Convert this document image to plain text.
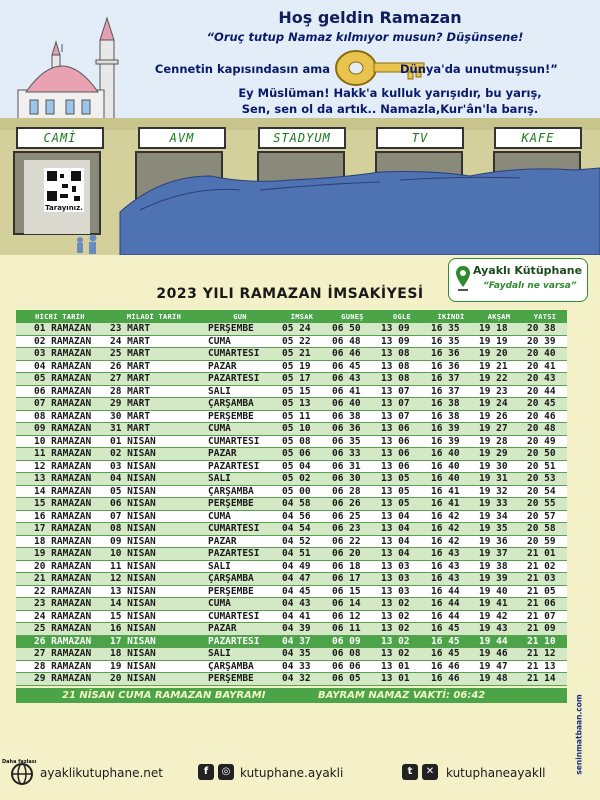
Hoş geldin Ramazan
“Oruç tutup Namaz kılmıyor musun? Düşünsene!
Cennetin kapısındasın ama	Dünya'da unutmuşsun!”
Ey Müslüman! Hakk'a kulluk yarışıdır, bu yarış,
Sen, sen ol da artık.. Namazla,Kur'ân'la barış.
CAMİ	AVM	STADYUM	TV	KAFE
Tarayınız.
Ayaklı Kütüphane
“Faydalı ne varsa”
2023 YILI RAMAZAN İMSAKİYESİ
HİCRİ TARİH	MİLADİ TARİH	GÜN	İMSAK	GÜNEŞ	ÖĞLE	İKİNDİ	AKŞAM	YATSI
01 RAMAZAN	23 MART	PERŞEMBE	05 24	06 50	13 09	16 35	19 18	20 38
02 RAMAZAN	24 MART	CUMA	05 22	06 48	13 09	16 35	19 19	20 39
03 RAMAZAN	25 MART	CUMARTESİ	05 21	06 46	13 08	16 36	19 20	20 40
04 RAMAZAN	26 MART	PAZAR	05 19	06 45	13 08	16 36	19 21	20 41
05 RAMAZAN	27 MART	PAZARTESİ	05 17	06 43	13 08	16 37	19 22	20 43
06 RAMAZAN	28 MART	SALI	05 15	06 41	13 07	16 37	19 23	20 44
07 RAMAZAN	29 MART	ÇARŞAMBA	05 13	06 40	13 07	16 38	19 24	20 45
08 RAMAZAN	30 MART	PERŞEMBE	05 11	06 38	13 07	16 38	19 26	20 46
09 RAMAZAN	31 MART	CUMA	05 10	06 36	13 06	16 39	19 27	20 48
10 RAMAZAN	01 NİSAN	CUMARTESİ	05 08	06 35	13 06	16 39	19 28	20 49
11 RAMAZAN	02 NİSAN	PAZAR	05 06	06 33	13 06	16 40	19 29	20 50
12 RAMAZAN	03 NİSAN	PAZARTESİ	05 04	06 31	13 06	16 40	19 30	20 51
13 RAMAZAN	04 NİSAN	SALI	05 02	06 30	13 05	16 40	19 31	20 53
14 RAMAZAN	05 NİSAN	ÇARŞAMBA	05 00	06 28	13 05	16 41	19 32	20 54
15 RAMAZAN	06 NİSAN	PERŞEMBE	04 58	06 26	13 05	16 41	19 33	20 55
16 RAMAZAN	07 NİSAN	CUMA	04 56	06 25	13 04	16 42	19 34	20 57
17 RAMAZAN	08 NİSAN	CUMARTESİ	04 54	06 23	13 04	16 42	19 35	20 58
18 RAMAZAN	09 NİSAN	PAZAR	04 52	06 22	13 04	16 42	19 36	20 59
19 RAMAZAN	10 NİSAN	PAZARTESİ	04 51	06 20	13 04	16 43	19 37	21 01
20 RAMAZAN	11 NİSAN	SALI	04 49	06 18	13 03	16 43	19 38	21 02
21 RAMAZAN	12 NİSAN	ÇARŞAMBA	04 47	06 17	13 03	16 43	19 39	21 03
22 RAMAZAN	13 NİSAN	PERŞEMBE	04 45	06 15	13 03	16 44	19 40	21 05
23 RAMAZAN	14 NİSAN	CUMA	04 43	06 14	13 02	16 44	19 41	21 06
24 RAMAZAN	15 NİSAN	CUMARTESİ	04 41	06 12	13 02	16 44	19 42	21 07
25 RAMAZAN	16 NİSAN	PAZAR	04 39	06 11	13 02	16 45	19 43	21 09
26 RAMAZAN	17 NİSAN	PAZARTESİ	04 37	06 09	13 02	16 45	19 44	21 10
27 RAMAZAN	18 NİSAN	SALI	04 35	06 08	13 02	16 45	19 46	21 12
28 RAMAZAN	19 NİSAN	ÇARŞAMBA	04 33	06 06	13 01	16 46	19 47	21 13
29 RAMAZAN	20 NİSAN	PERŞEMBE	04 32	06 05	13 01	16 46	19 48	21 14
21 NİSAN CUMA RAMAZAN BAYRAMI	BAYRAM NAMAZ VAKTİ: 06:42	seninmatbaan.com
Daha fazlası
ayaklikutuphane.net	f	◎ kutuphane.ayakli	t	✕ kutuphaneayakll
